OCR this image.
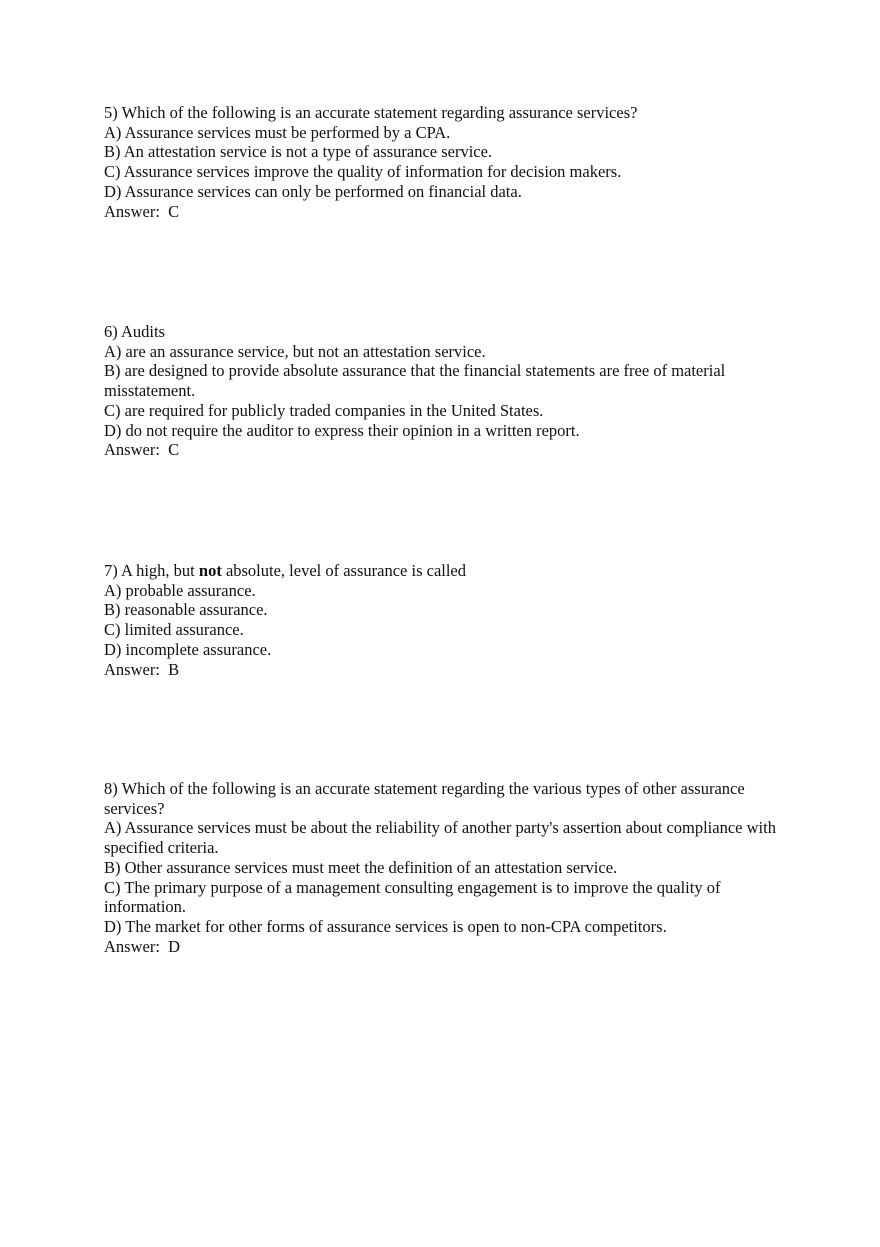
5) Which of the following is an accurate statement regarding assurance services?
A) Assurance services must be performed by a CPA.
B) An attestation service is not a type of assurance service.
C) Assurance services improve the quality of information for decision makers.
D) Assurance services can only be performed on financial data.
Answer:  C
6) Audits
A) are an assurance service, but not an attestation service.
B) are designed to provide absolute assurance that the financial statements are free of material misstatement.
C) are required for publicly traded companies in the United States.
D) do not require the auditor to express their opinion in a written report.
Answer:  C
7) A high, but not absolute, level of assurance is called
A) probable assurance.
B) reasonable assurance.
C) limited assurance.
D) incomplete assurance.
Answer:  B
8) Which of the following is an accurate statement regarding the various types of other assurance services?
A) Assurance services must be about the reliability of another party's assertion about compliance with specified criteria.
B) Other assurance services must meet the definition of an attestation service.
C) The primary purpose of a management consulting engagement is to improve the quality of information.
D) The market for other forms of assurance services is open to non-CPA competitors.
Answer:  D
